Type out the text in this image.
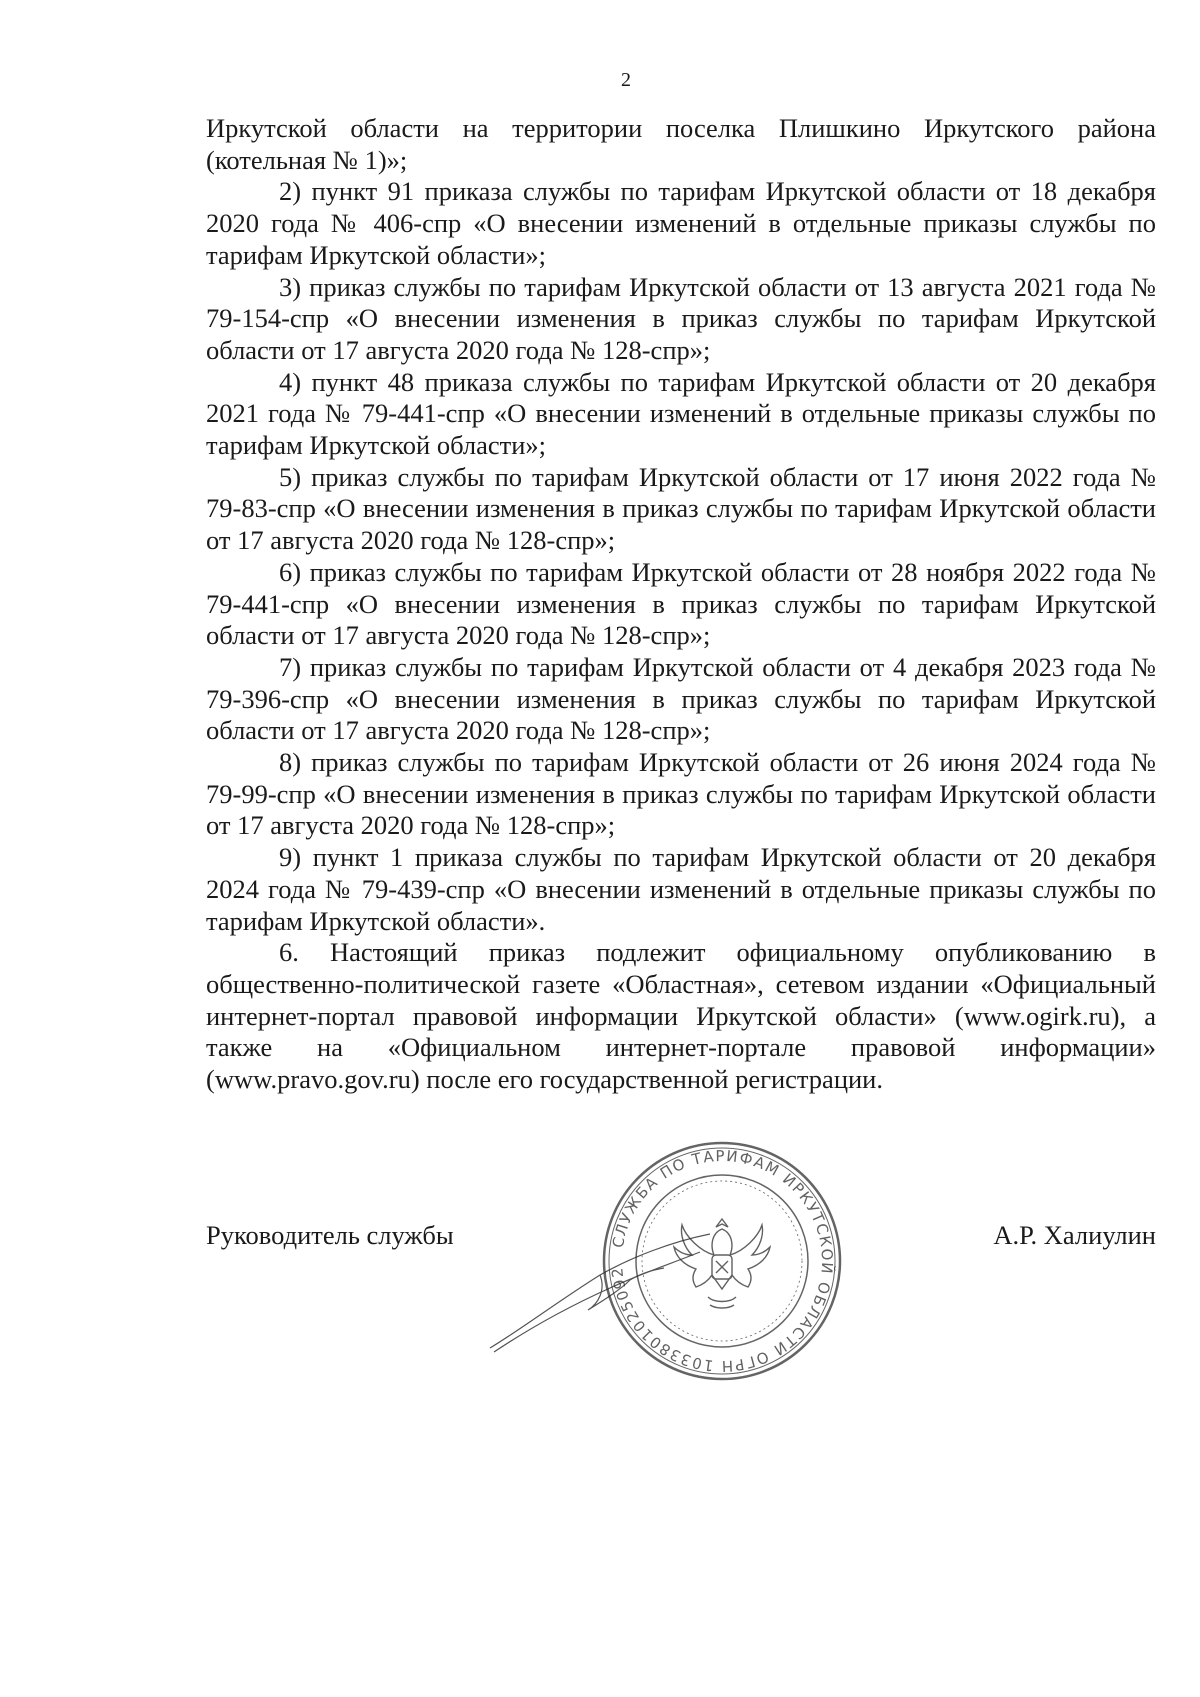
2

Иркутской области на территории поселка Плишкино Иркутского района (котельная № 1)»;

2) пункт 91 приказа службы по тарифам Иркутской области от 18 декабря 2020 года № 406-спр «О внесении изменений в отдельные приказы службы по тарифам Иркутской области»;

3) приказ службы по тарифам Иркутской области от 13 августа 2021 года № 79-154-спр «О внесении изменения в приказ службы по тарифам Иркутской области от 17 августа 2020 года № 128-спр»;

4) пункт 48 приказа службы по тарифам Иркутской области от 20 декабря 2021 года № 79-441-спр «О внесении изменений в отдельные приказы службы по тарифам Иркутской области»;

5) приказ службы по тарифам Иркутской области от 17 июня 2022 года № 79-83-спр «О внесении изменения в приказ службы по тарифам Иркутской области от 17 августа 2020 года № 128-спр»;

6) приказ службы по тарифам Иркутской области от 28 ноября 2022 года № 79-441-спр «О внесении изменения в приказ службы по тарифам Иркутской области от 17 августа 2020 года № 128-спр»;

7) приказ службы по тарифам Иркутской области от 4 декабря 2023 года № 79-396-спр «О внесении изменения в приказ службы по тарифам Иркутской области от 17 августа 2020 года № 128-спр»;

8) приказ службы по тарифам Иркутской области от 26 июня 2024 года № 79-99-спр «О внесении изменения в приказ службы по тарифам Иркутской области от 17 августа 2020 года № 128-спр»;

9) пункт 1 приказа службы по тарифам Иркутской области от 20 декабря 2024 года № 79-439-спр «О внесении изменений в отдельные приказы службы по тарифам Иркутской области».

6. Настоящий приказ подлежит официальному опубликованию в общественно-политической газете «Областная», сетевом издании «Официальный интернет-портал правовой информации Иркутской области» (www.ogirk.ru), а также на «Официальном интернет-портале правовой информации» (www.pravo.gov.ru) после его государственной регистрации.

Руководитель службы	А.Р. Халиулин
СЛУЖБА ПО ТАРИФАМ ИРКУТСКОЙ ОБЛАСТИ ОГРН 1033801025092
